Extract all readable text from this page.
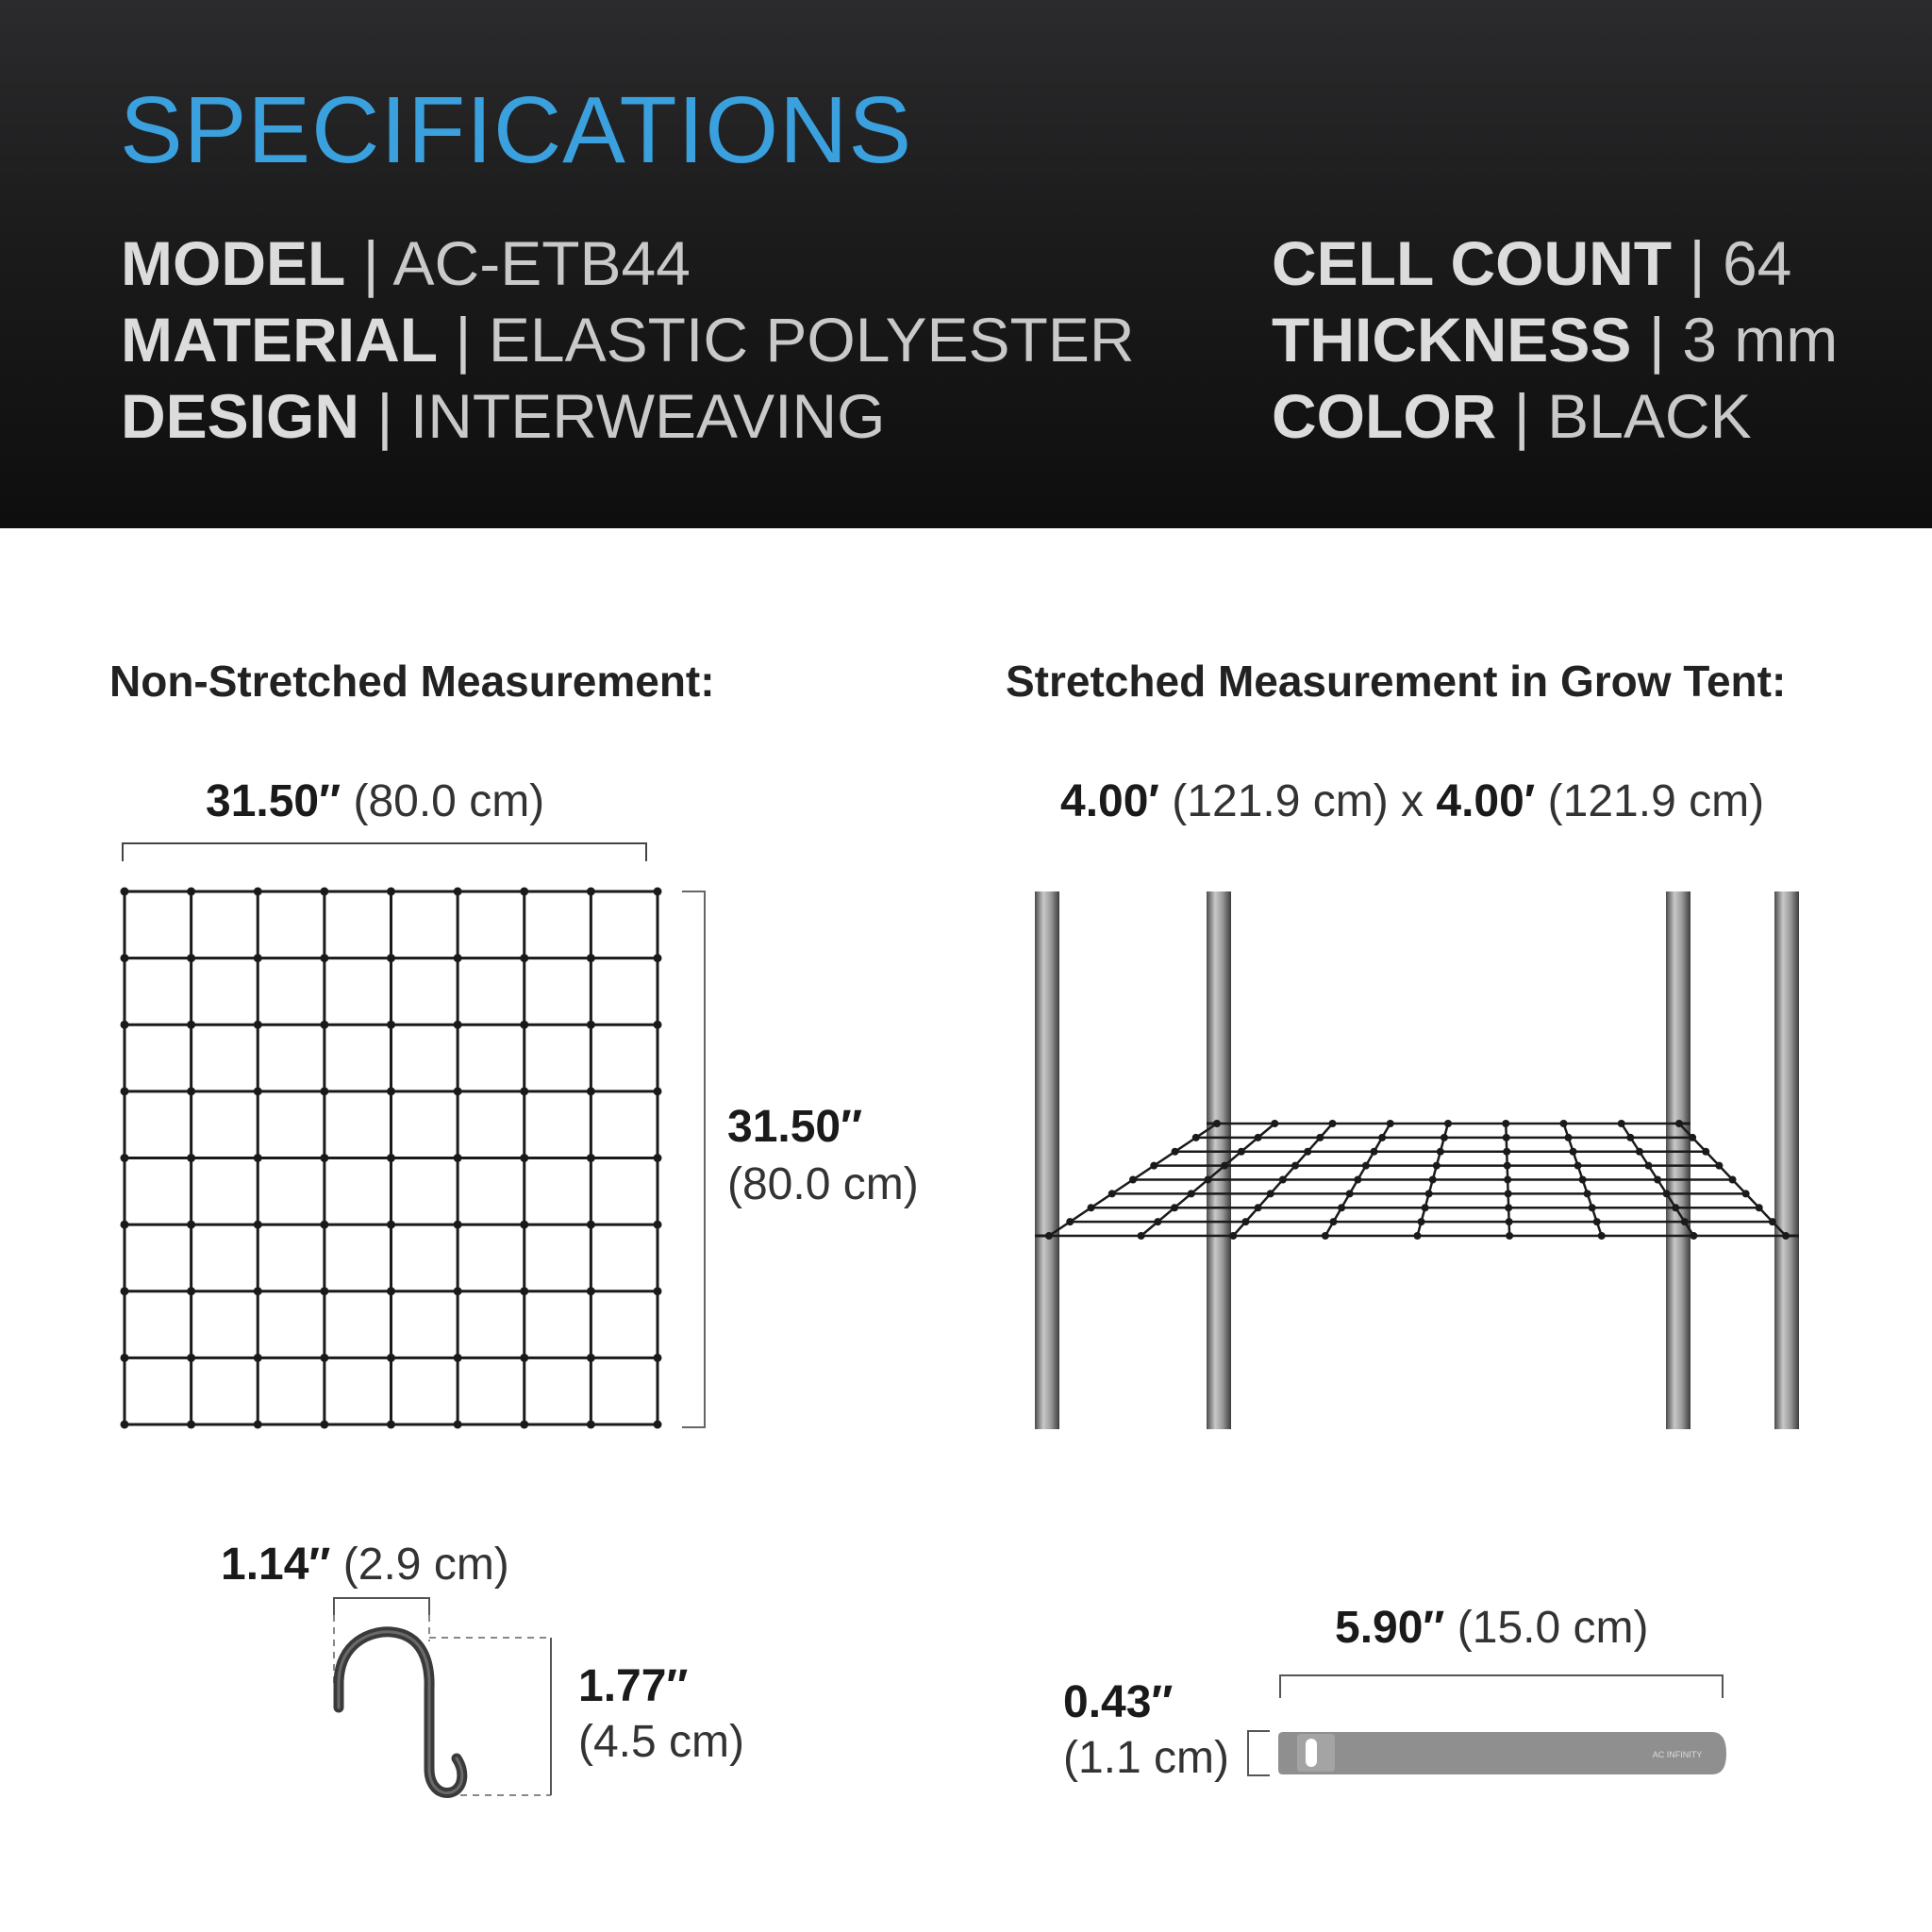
SPECIFICATIONS
MODEL | AC-ETB44
MATERIAL | ELASTIC POLYESTER
DESIGN | INTERWEAVING
CELL COUNT | 64
THICKNESS | 3 mm
COLOR | BLACK
Non-Stretched Measurement:	Stretched Measurement in Grow Tent:
31.50″ (80.0 cm)
31.50″
(80.0 cm)
4.00′ (121.9 cm) x 4.00′ (121.9 cm)
1.14″ (2.9 cm)
1.77″
(4.5 cm)
5.90″ (15.0 cm)
0.43″
(1.1 cm)	AC INFINITY
